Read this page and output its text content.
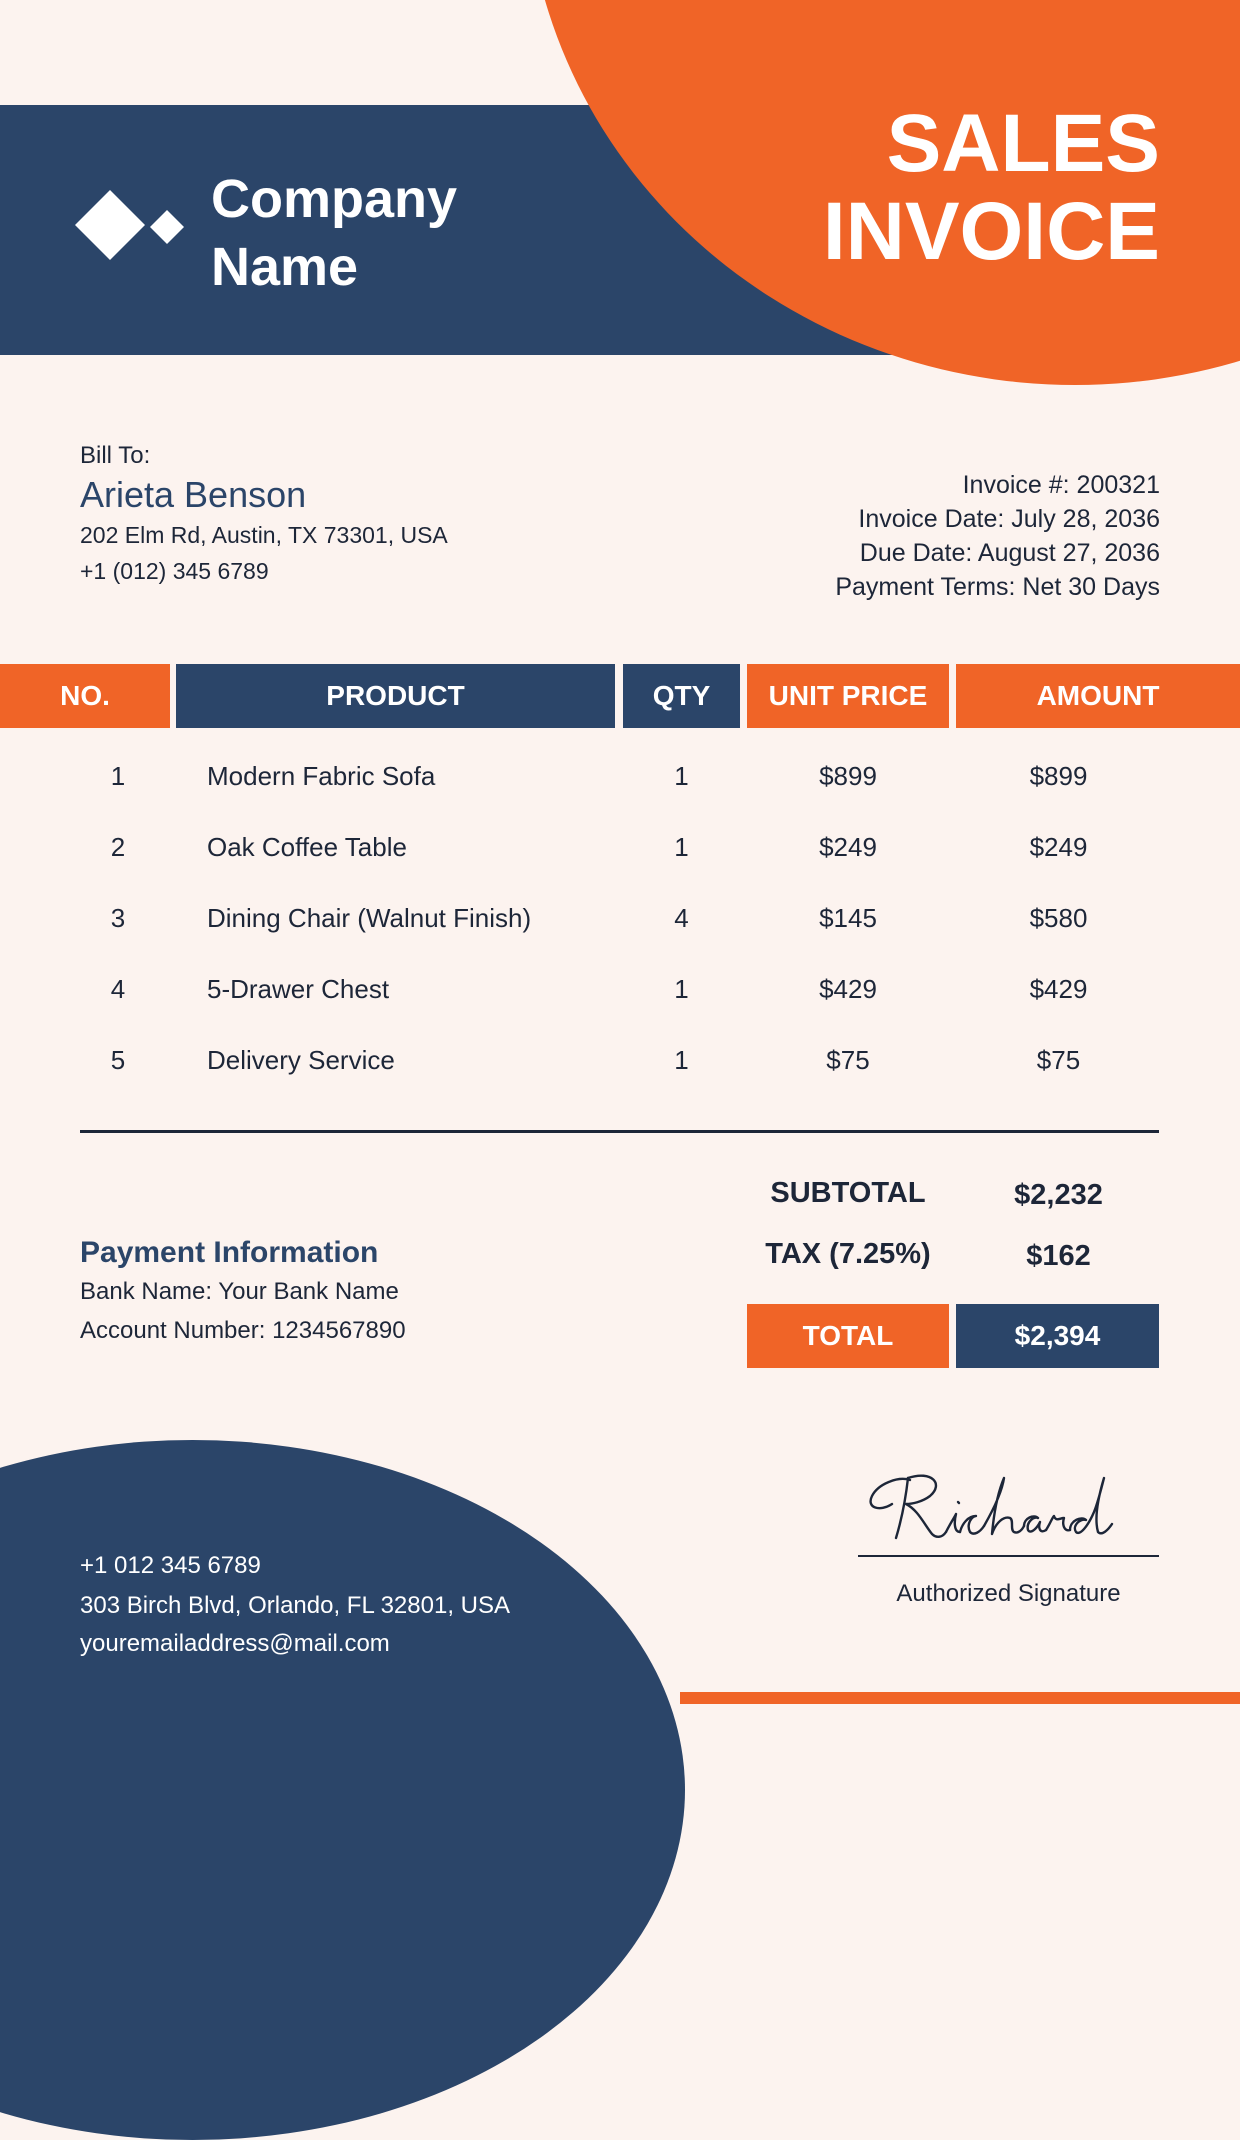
Company
Name
SALES
INVOICE
Bill To:
Arieta Benson
202 Elm Rd, Austin, TX 73301, USA
+1 (012) 345 6789
Invoice #: 200321
Invoice Date: July 28, 2036
Due Date: August 27, 2036
Payment Terms: Net 30 Days
NO.	PRODUCT	QTY	UNIT PRICE	AMOUNT
1	Modern Fabric Sofa	1	$899	$899
2	Oak Coffee Table	1	$249	$249
3	Dining Chair (Walnut Finish)	4	$145	$580
4	5-Drawer Chest	1	$429	$429
5	Delivery Service	1	$75	$75
SUBTOTAL	$2,232
TAX (7.25%)	$162
TOTAL	$2,394
Payment Information
Bank Name: Your Bank Name
Account Number: 1234567890
+1 012 345 6789
303 Birch Blvd, Orlando, FL 32801, USA
youremailaddress@mail.com
Authorized Signature
